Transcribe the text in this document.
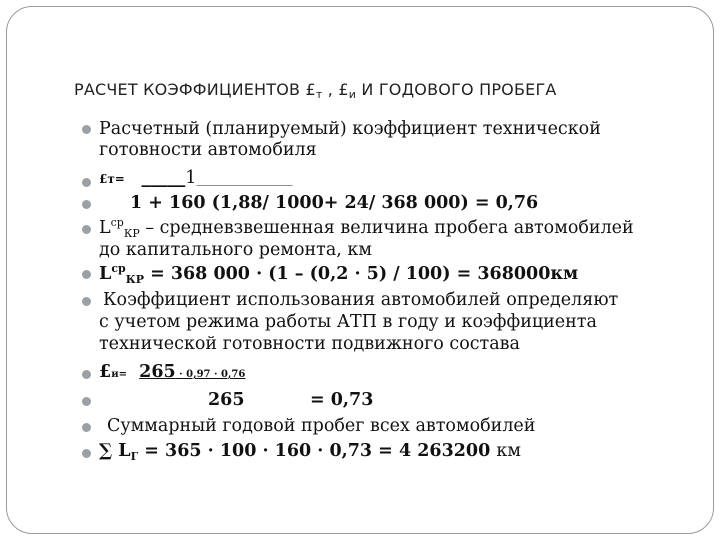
РАСЧЕТ КОЭФФИЦИЕНТОВ £т , £и И ГОДОВОГО ПРОБЕГА
Расчетный (планируемый) коэффициент технической
готовности автомобиля
£т= _____1________________
1 + 160 (1,88/ 1000+ 24/ 368 000) = 0,76
$L^{ср}_{КР}$ – средневзвешенная величина пробега автомобилей
до капитального ремонта, км
$L^{ср}_{КР} = 368$ 000 · (1 – (0,2 · 5) / 100) = 368000км
Коэффициент использования автомобилей определяют
с учетом режима работы АТП в году и коэффициента
технической готовности подвижного состава
£и= 265 · 0,97 · 0,76
265	= 0,73
Суммарный годовой пробег всех автомобилей
∑ $L_Г = 365 \cdot 100 \cdot 160 \cdot 0,73 = 4$ 263200 км
